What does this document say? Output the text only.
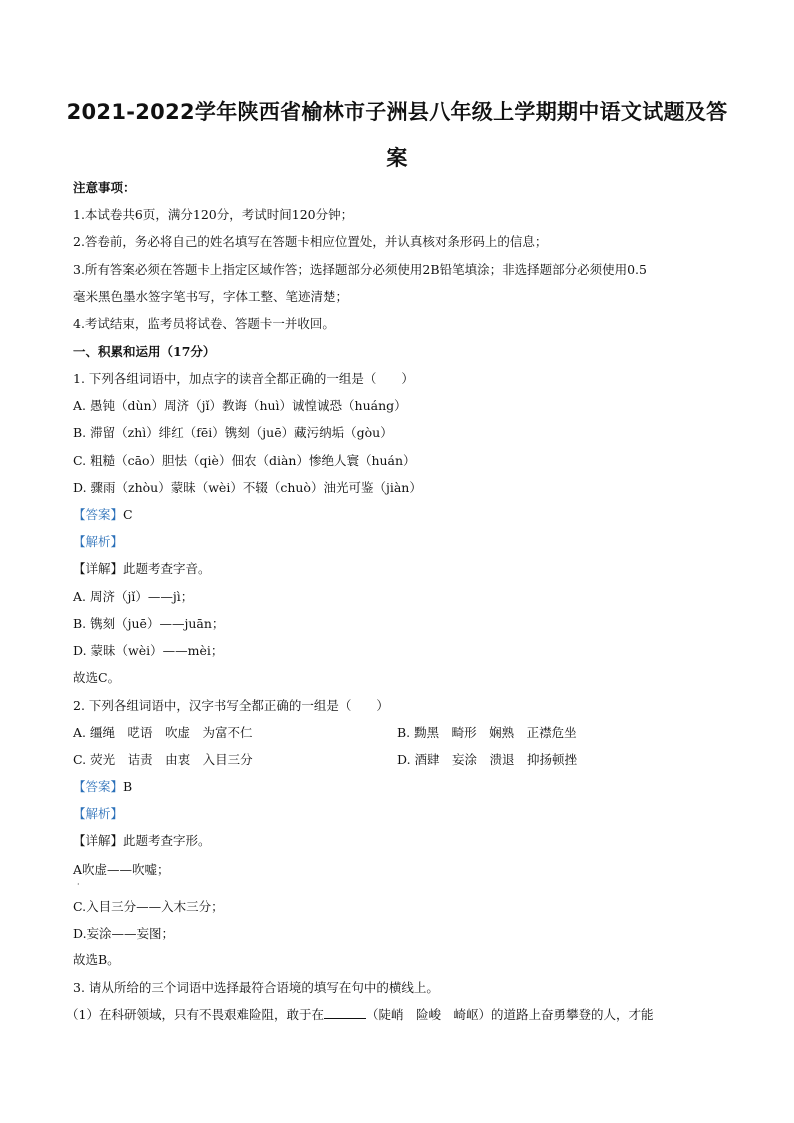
2021-2022学年陕西省榆林市子洲县八年级上学期期中语文试题及答
案
注意事项：
1.本试卷共6页，满分120分，考试时间120分钟；
2.答卷前，务必将自己的姓名填写在答题卡相应位置处，并认真核对条形码上的信息；
3.所有答案必须在答题卡上指定区域作答；选择题部分必须使用2B铅笔填涂；非选择题部分必须使用0.5
毫米黑色墨水签字笔书写，字体工整、笔迹清楚；
4.考试结束，监考员将试卷、答题卡一并收回。
一、积累和运用（17分）
1. 下列各组词语中，加点字的读音全都正确的一组是（　　）
A. 愚钝（dùn）周济（jǐ）教诲（huì）诚惶诚恐（huáng）
B. 滞留（zhì）绯红（fēi）镌刻（juē）藏污纳垢（gòu）
C. 粗糙（cāo）胆怯（qiè）佃农（diàn）惨绝人寰（huán）
D. 骤雨（zhòu）蒙昧（wèi）不辍（chuò）油光可鉴（jiàn）
【答案】C
【解析】
【详解】此题考查字音。
A. 周济（jǐ）——jì；
B. 镌刻（juē）——juān；
D. 蒙昧（wèi）——mèi；
故选C。
2. 下列各组词语中，汉字书写全都正确的一组是（　　）
A. 缰绳　呓语　吹虚　为富不仁	B. 黝黑　畸形　娴熟　正襟危坐
C. 荧光　诘责　由衷　入目三分	D. 酒肆　妄涂　溃退　抑扬顿挫
【答案】B
【解析】
【详解】此题考查字形。
A吹虚——吹嘘；
·
C.入目三分——入木三分；
D.妄涂——妄图；
故选B。
3. 请从所给的三个词语中选择最符合语境的填写在句中的横线上。
（1）在科研领域，只有不畏艰难险阻，敢于在	（陡峭　险峻　崎岖）的道路上奋勇攀登的人，才能
